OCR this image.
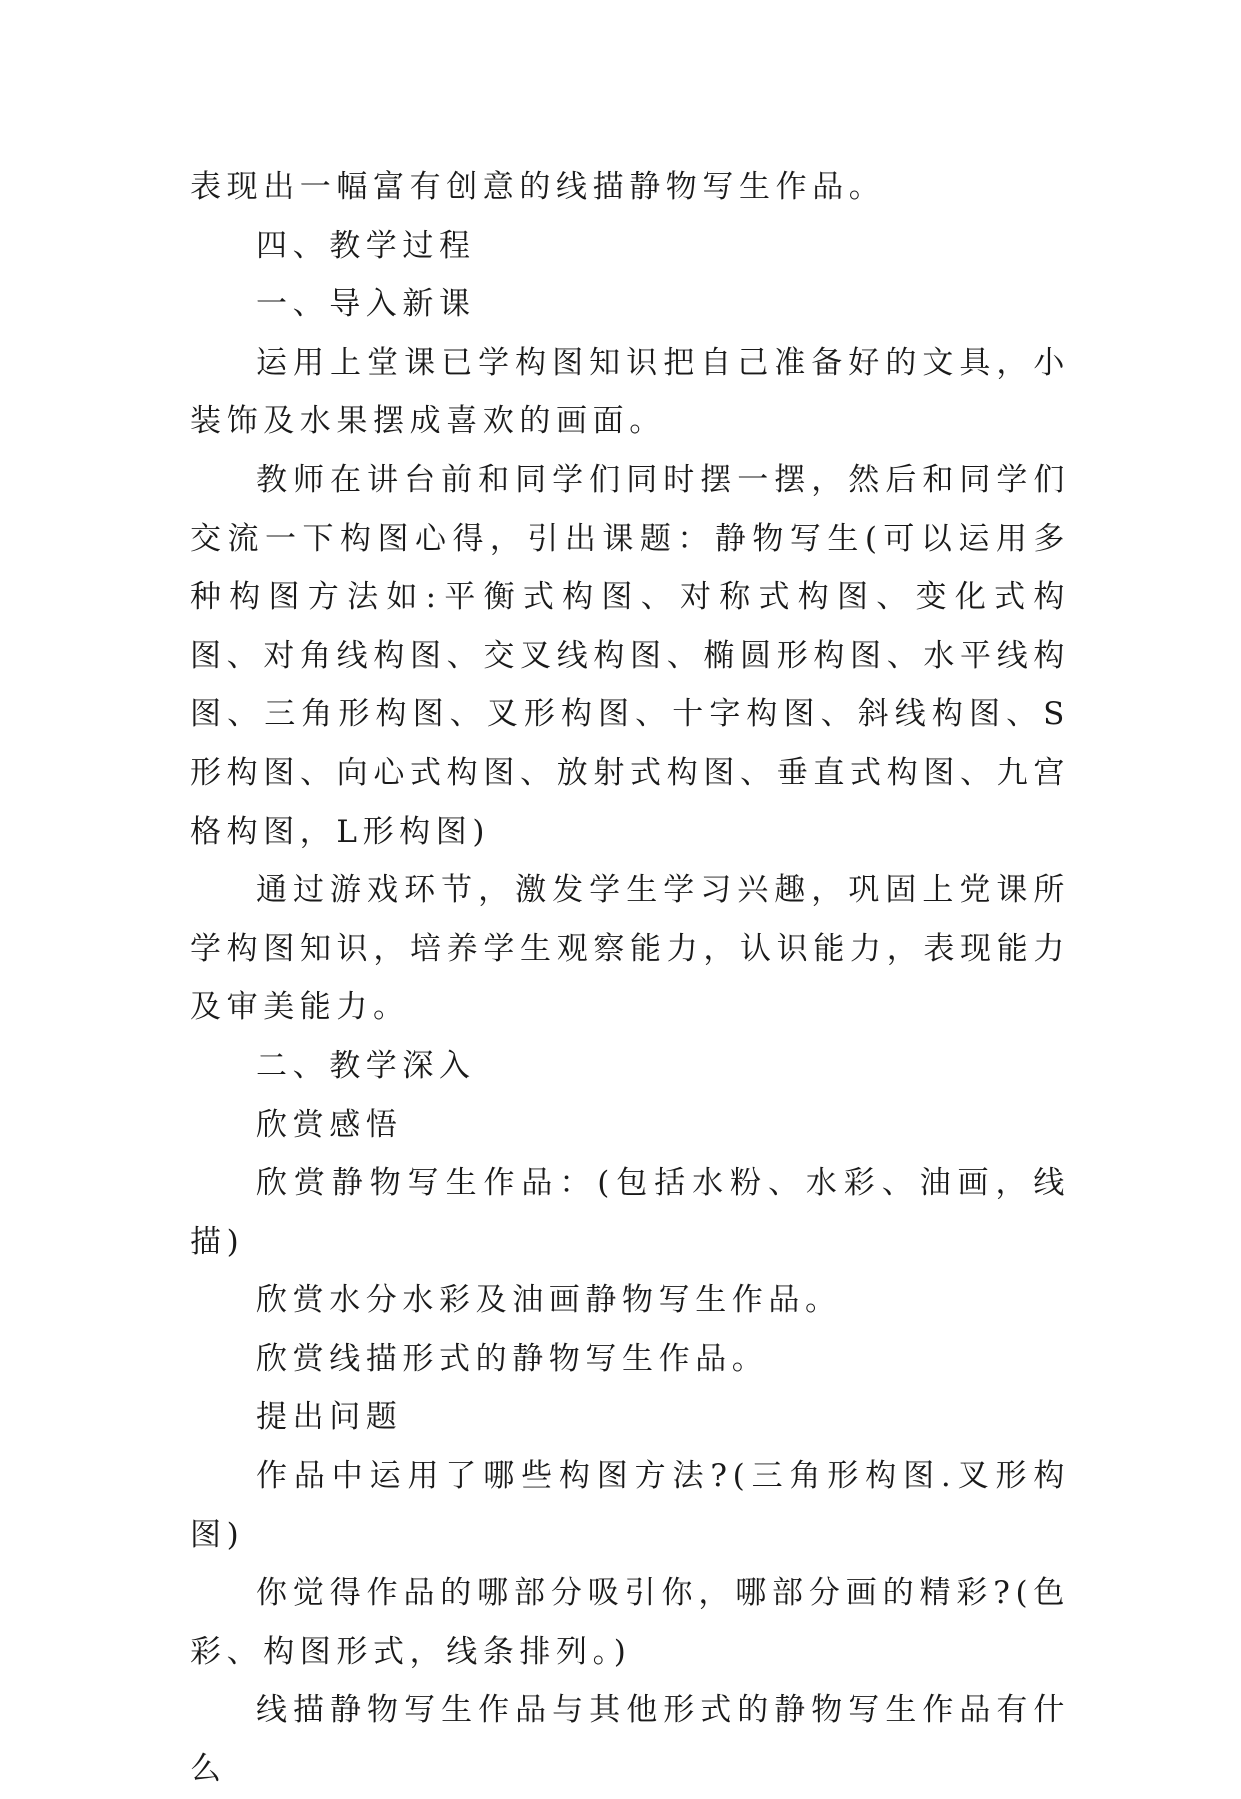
表现出一幅富有创意的线描静物写生作品。

四、教学过程

一、导入新课

运用上堂课已学构图知识把自己准备好的文具，小装饰及水果摆成喜欢的画面。

教师在讲台前和同学们同时摆一摆，然后和同学们交流一下构图心得，引出课题：静物写生(可以运用多种构图方法如:平衡式构图、对称式构图、变化式构图、对角线构图、交叉线构图、椭圆形构图、水平线构图、三角形构图、叉形构图、十字构图、斜线构图、S形构图、向心式构图、放射式构图、垂直式构图、九宫格构图，L形构图)

通过游戏环节，激发学生学习兴趣，巩固上党课所学构图知识，培养学生观察能力，认识能力，表现能力及审美能力。

二、教学深入

欣赏感悟

欣赏静物写生作品：(包括水粉、水彩、油画，线描)

欣赏水分水彩及油画静物写生作品。

欣赏线描形式的静物写生作品。

提出问题

作品中运用了哪些构图方法?(三角形构图.叉形构图)

你觉得作品的哪部分吸引你，哪部分画的精彩?(色彩、构图形式，线条排列。)

线描静物写生作品与其他形式的静物写生作品有什么
